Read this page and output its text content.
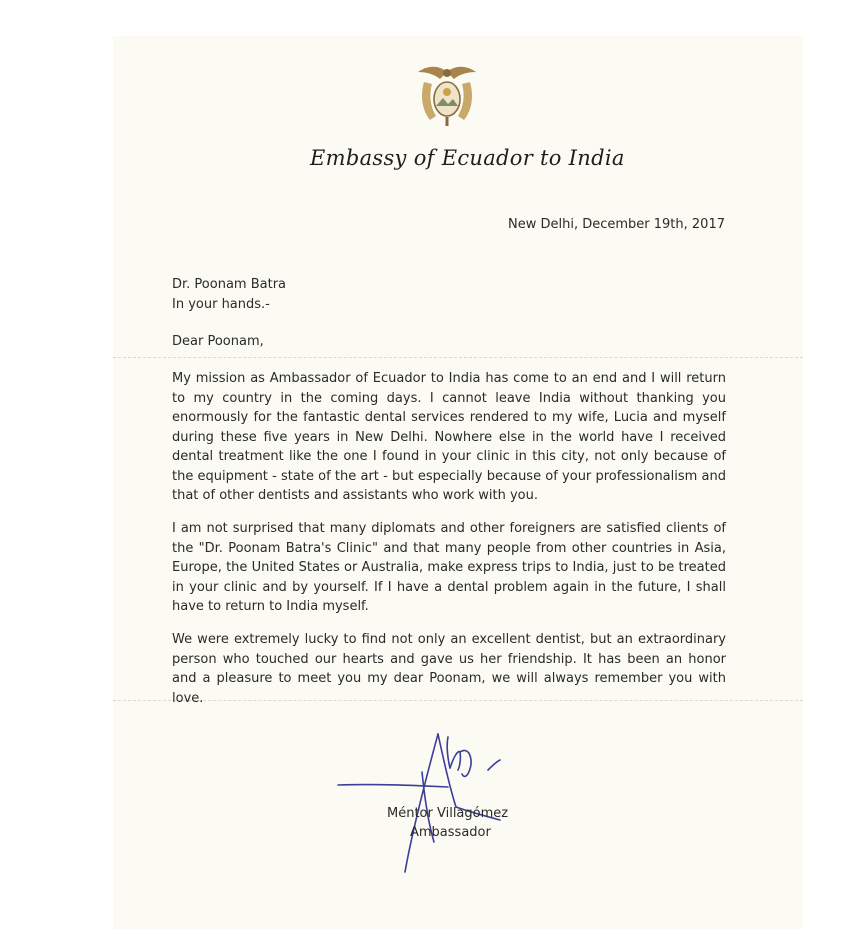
Embassy of Ecuador to India
New Delhi, December 19th, 2017
Dr. Poonam Batra
In your hands.-
Dear Poonam,

My mission as Ambassador of Ecuador to India has come to an end and I will return to my country in the coming days. I cannot leave India without thanking you enormously for the fantastic dental services rendered to my wife, Lucia and myself during these five years in New Delhi. Nowhere else in the world have I received dental treatment like the one I found in your clinic in this city, not only because of the equipment - state of the art - but especially because of your professionalism and that of other dentists and assistants who work with you.

I am not surprised that many diplomats and other foreigners are satisfied clients of the "Dr. Poonam Batra's Clinic" and that many people from other countries in Asia, Europe, the United States or Australia, make express trips to India, just to be treated in your clinic and by yourself. If I have a dental problem again in the future, I shall have to return to India myself.

We were extremely lucky to find not only an excellent dentist, but an extraordinary person who touched our hearts and gave us her friendship. It has been an honor and a pleasure to meet you my dear Poonam, we will always remember you with love.

Méntor Villagómez
Ambassador
